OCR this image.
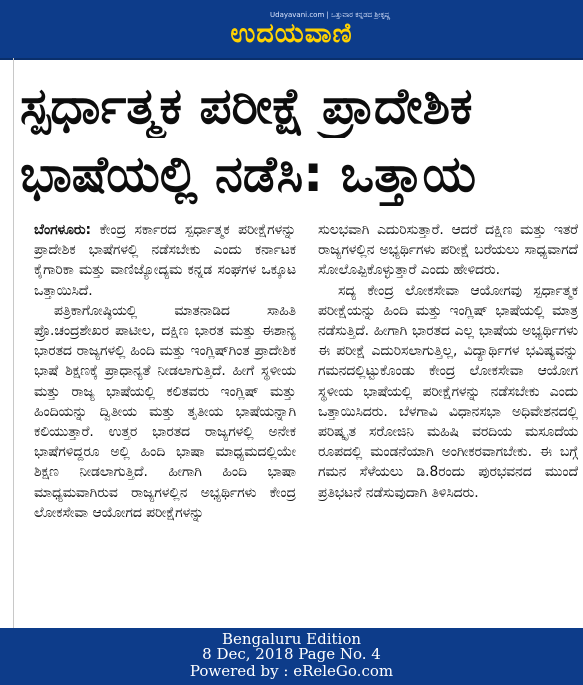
Udayavani.com | ಒತ್ತುವಾರ ಕನ್ನಡದ ಶ್ರೀಕೃಷ್ಣ
ಉದಯವಾಣಿ
ಸ್ಪರ್ಧಾತ್ಮಕ ಪರೀಕ್ಷೆ ಪ್ರಾದೇಶಿಕ
ಭಾಷೆಯಲ್ಲಿ ನಡೆಸಿ: ಒತ್ತಾಯ

ಬೆಂಗಳೂರು: ಕೇಂದ್ರ ಸರ್ಕಾರದ ಸ್ಪರ್ಧಾತ್ಮಕ ಪರೀಕ್ಷೆಗಳನ್ನು ಪ್ರಾದೇಶಿಕ ಭಾಷೆಗಳಲ್ಲಿ ನಡೆಸಬೇಕು ಎಂದು ಕರ್ನಾಟಕ ಕೈಗಾರಿಕಾ ಮತ್ತು ವಾಣಿಜ್ಯೋದ್ಯಮ ಕನ್ನಡ ಸಂಘಗಳ ಒಕ್ಕೂಟ ಒತ್ತಾಯಿಸಿದೆ.

ಪತ್ರಿಕಾಗೋಷ್ಠಿಯಲ್ಲಿ ಮಾತನಾಡಿದ ಸಾಹಿತಿ ಪ್ರೊ.ಚಂದ್ರಶೇಖರ ಪಾಟೀಲ, ದಕ್ಷಿಣ ಭಾರತ ಮತ್ತು ಈಶಾನ್ಯ ಭಾರತದ ರಾಜ್ಯಗಳಲ್ಲಿ ಹಿಂದಿ ಮತ್ತು ಇಂಗ್ಲಿಷ್‌ಗಿಂತ ಪ್ರಾದೇಶಿಕ ಭಾಷೆ ಶಿಕ್ಷಣಕ್ಕೆ ಪ್ರಾಧಾನ್ಯತೆ ನೀಡಲಾಗುತ್ತಿದೆ. ಹೀಗೆ ಸ್ಥಳೀಯ ಮತ್ತು ರಾಜ್ಯ ಭಾಷೆಯಲ್ಲಿ ಕಲಿತವರು ಇಂಗ್ಲಿಷ್ ಮತ್ತು ಹಿಂದಿಯನ್ನು ದ್ವಿತೀಯ ಮತ್ತು ತೃತೀಯ ಭಾಷೆಯನ್ನಾಗಿ ಕಲಿಯುತ್ತಾರೆ. ಉತ್ತರ ಭಾರತದ ರಾಜ್ಯಗಳಲ್ಲಿ ಅನೇಕ ಭಾಷೆಗಳಿದ್ದರೂ ಅಲ್ಲಿ ಹಿಂದಿ ಭಾಷಾ ಮಾಧ್ಯಮದಲ್ಲಿಯೇ ಶಿಕ್ಷಣ ನೀಡಲಾಗುತ್ತಿದೆ. ಹೀಗಾಗಿ ಹಿಂದಿ ಭಾಷಾ ಮಾಧ್ಯಮವಾಗಿರುವ ರಾಜ್ಯಗಳಲ್ಲಿನ ಅಭ್ಯರ್ಥಿಗಳು ಕೇಂದ್ರ ಲೋಕಸೇವಾ ಆಯೋಗದ ಪರೀಕ್ಷೆಗಳನ್ನು

ಸುಲಭವಾಗಿ ಎದುರಿಸುತ್ತಾರೆ. ಆದರೆ ದಕ್ಷಿಣ ಮತ್ತು ಇತರೆ ರಾಜ್ಯಗಳಲ್ಲಿನ ಅಭ್ಯರ್ಥಿಗಳು ಪರೀಕ್ಷೆ ಬರೆಯಲು ಸಾಧ್ಯವಾಗದೆ ಸೋಲೊಪ್ಪಿಕೊಳ್ಳುತ್ತಾರೆ ಎಂದು ಹೇಳಿದರು.

ಸದ್ಯ ಕೇಂದ್ರ ಲೋಕಸೇವಾ ಆಯೋಗವು ಸ್ಪರ್ಧಾತ್ಮಕ ಪರೀಕ್ಷೆಯನ್ನು ಹಿಂದಿ ಮತ್ತು ಇಂಗ್ಲಿಷ್ ಭಾಷೆಯಲ್ಲಿ ಮಾತ್ರ ನಡೆಸುತ್ತಿದೆ. ಹೀಗಾಗಿ ಭಾರತದ ಎಲ್ಲ ಭಾಷೆಯ ಅಭ್ಯರ್ಥಿಗಳು ಈ ಪರೀಕ್ಷೆ ಎದುರಿಸಲಾಗುತ್ತಿಲ್ಲ, ವಿದ್ಯಾರ್ಥಿಗಳ ಭವಿಷ್ಯವನ್ನು ಗಮನದಲ್ಲಿಟ್ಟುಕೊಂಡು ಕೇಂದ್ರ ಲೋಕಸೇವಾ ಆಯೋಗ ಸ್ಥಳೀಯ ಭಾಷೆಯಲ್ಲಿ ಪರೀಕ್ಷೆಗಳನ್ನು ನಡೆಸಬೇಕು ಎಂದು ಒತ್ತಾಯಿಸಿದರು. ಬೆಳಗಾವಿ ವಿಧಾನಸಭಾ ಅಧಿವೇಶನದಲ್ಲಿ ಪರಿಷ್ಕೃತ ಸರೋಜಿನಿ ಮಹಿಷಿ ವರದಿಯ ಮಸೂದೆಯ ರೂಪದಲ್ಲಿ ಮಂಡನೆಯಾಗಿ ಅಂಗೀಕರವಾಗಬೇಕು. ಈ ಬಗ್ಗೆ ಗಮನ ಸೆಳೆಯಲು ಡಿ.8ರಂದು ಪುರಭವನದ ಮುಂದೆ ಪ್ರತಿಭಟನೆ ನಡೆಸುವುದಾಗಿ ತಿಳಿಸಿದರು.

Bengaluru Edition
8 Dec, 2018 Page No. 4
Powered by : eReleGo.com
